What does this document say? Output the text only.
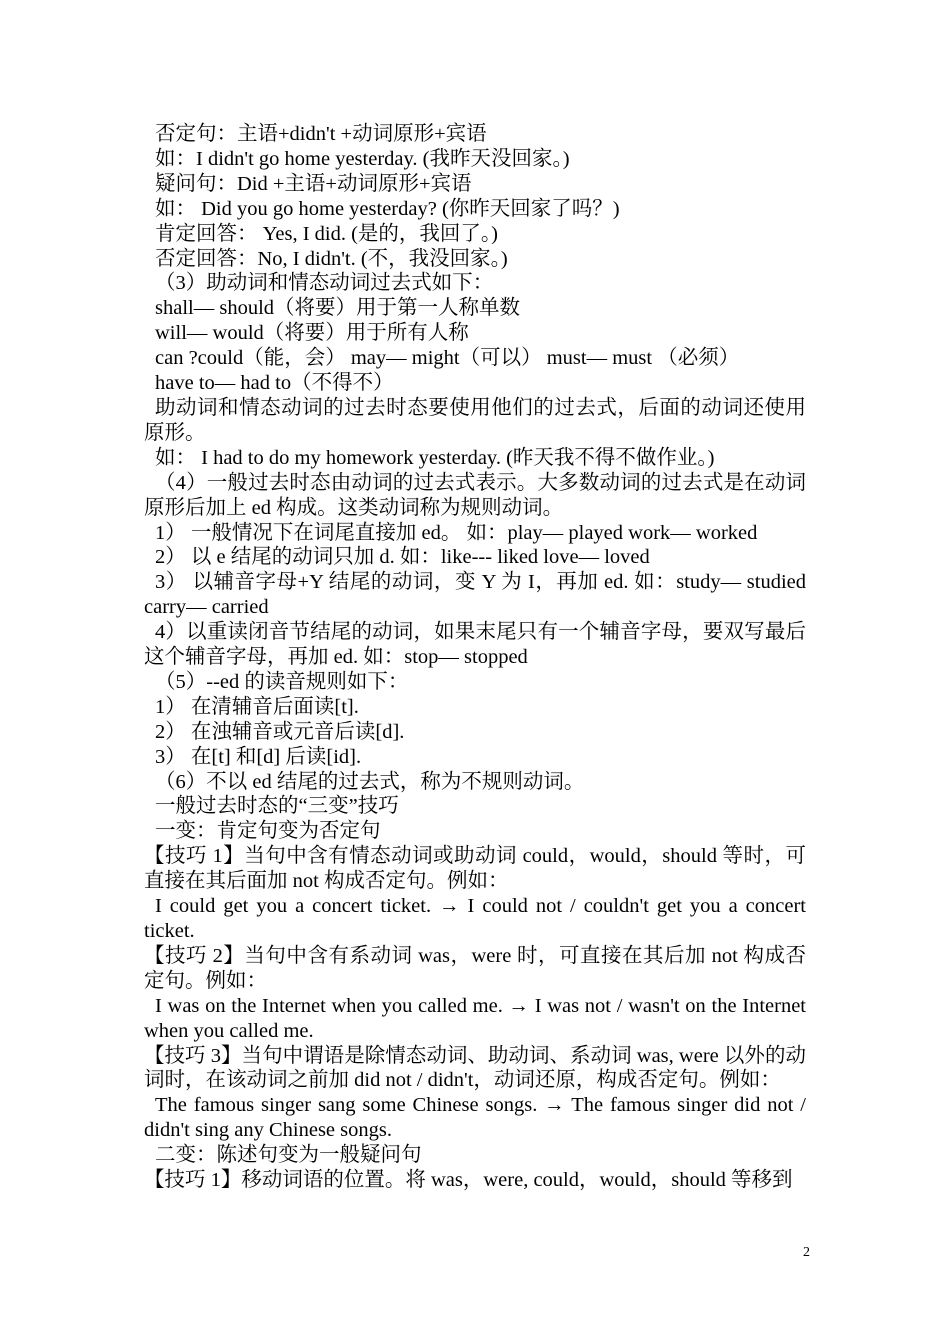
否定句：主语+didn't +动词原形+宾语

如：I didn't go home yesterday. (我昨天没回家。)

疑问句：Did +主语+动词原形+宾语

如： Did you go home yesterday? (你昨天回家了吗？)

肯定回答： Yes, I did. (是的，我回了。)

否定回答：No, I didn't. (不，我没回家。)

（3）助动词和情态动词过去式如下：

shall— should（将要）用于第一人称单数

will— would（将要）用于所有人称

can ?could（能，会） may— might（可以） must— must （必须）

have to— had to（不得不）

助动词和情态动词的过去时态要使用他们的过去式，后面的动词还使用原形。

如： I had to do my homework yesterday. (昨天我不得不做作业。)

（4）一般过去时态由动词的过去式表示。大多数动词的过去式是在动词原形后加上 ed 构成。这类动词称为规则动词。

1） 一般情况下在词尾直接加 ed。 如：play— played work— worked

2） 以 e 结尾的动词只加 d. 如：like--- liked love— loved

3） 以辅音字母+Y 结尾的动词，变 Y 为 I，再加 ed. 如：study— studied carry— carried

4）以重读闭音节结尾的动词，如果末尾只有一个辅音字母，要双写最后这个辅音字母，再加 ed. 如：stop— stopped

（5）--ed 的读音规则如下：

1） 在清辅音后面读[t].

2） 在浊辅音或元音后读[d].

3） 在[t] 和[d] 后读[id].

（6）不以 ed 结尾的过去式，称为不规则动词。

一般过去时态的“三变”技巧

一变：肯定句变为否定句

【技巧 1】当句中含有情态动词或助动词 could，would，should 等时，可直接在其后面加 not 构成否定句。例如：

I could get you a concert ticket. → I could not / couldn't get you a concert ticket.

【技巧 2】当句中含有系动词 was，were 时，可直接在其后加 not 构成否定句。例如：

I was on the Internet when you called me. → I was not / wasn't on the Internet when you called me.

【技巧 3】当句中谓语是除情态动词、助动词、系动词 was, were 以外的动词时，在该动词之前加 did not / didn't，动词还原，构成否定句。例如：

The famous singer sang some Chinese songs. → The famous singer did not / didn't sing any Chinese songs.

二变：陈述句变为一般疑问句

【技巧 1】移动词语的位置。将 was，were, could，would，should 等移到

2
